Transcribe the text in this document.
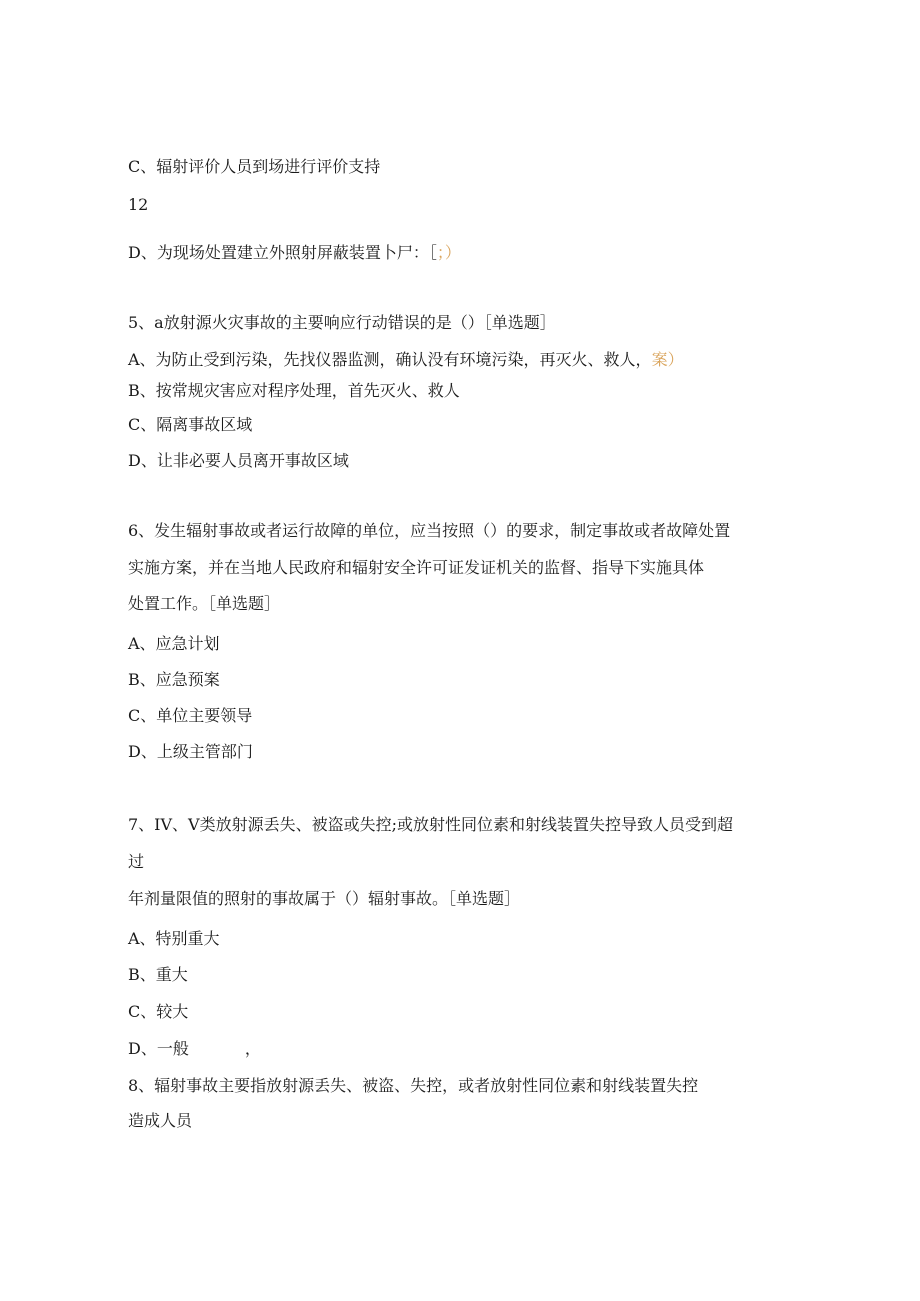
C、辐射评价人员到场进行评价支持
12
D、为现场处置建立外照射屏蔽装置卜尸：［；）
5、a放射源火灾事故的主要响应行动错误的是（）［单选题］
A、为防止受到污染，先找仪器监测，确认没有环境污染，再灭火、救人，案）
B、按常规灾害应对程序处理，首先灭火、救人
C、隔离事故区域
D、让非必要人员离开事故区域
6、发生辐射事故或者运行故障的单位，应当按照（）的要求，制定事故或者故障处置
实施方案，并在当地人民政府和辐射安全许可证发证机关的监督、指导下实施具体
处置工作。［单选题］
A、应急计划
B、应急预案
C、单位主要领导
D、上级主管部门
7、IV、V类放射源丢失、被盗或失控;或放射性同位素和射线装置失控导致人员受到超
过
年剂量限值的照射的事故属于（）辐射事故。［单选题］
A、特别重大
B、重大
C、较大
D、一般	，
8、辐射事故主要指放射源丢失、被盗、失控，或者放射性同位素和射线装置失控
造成人员
